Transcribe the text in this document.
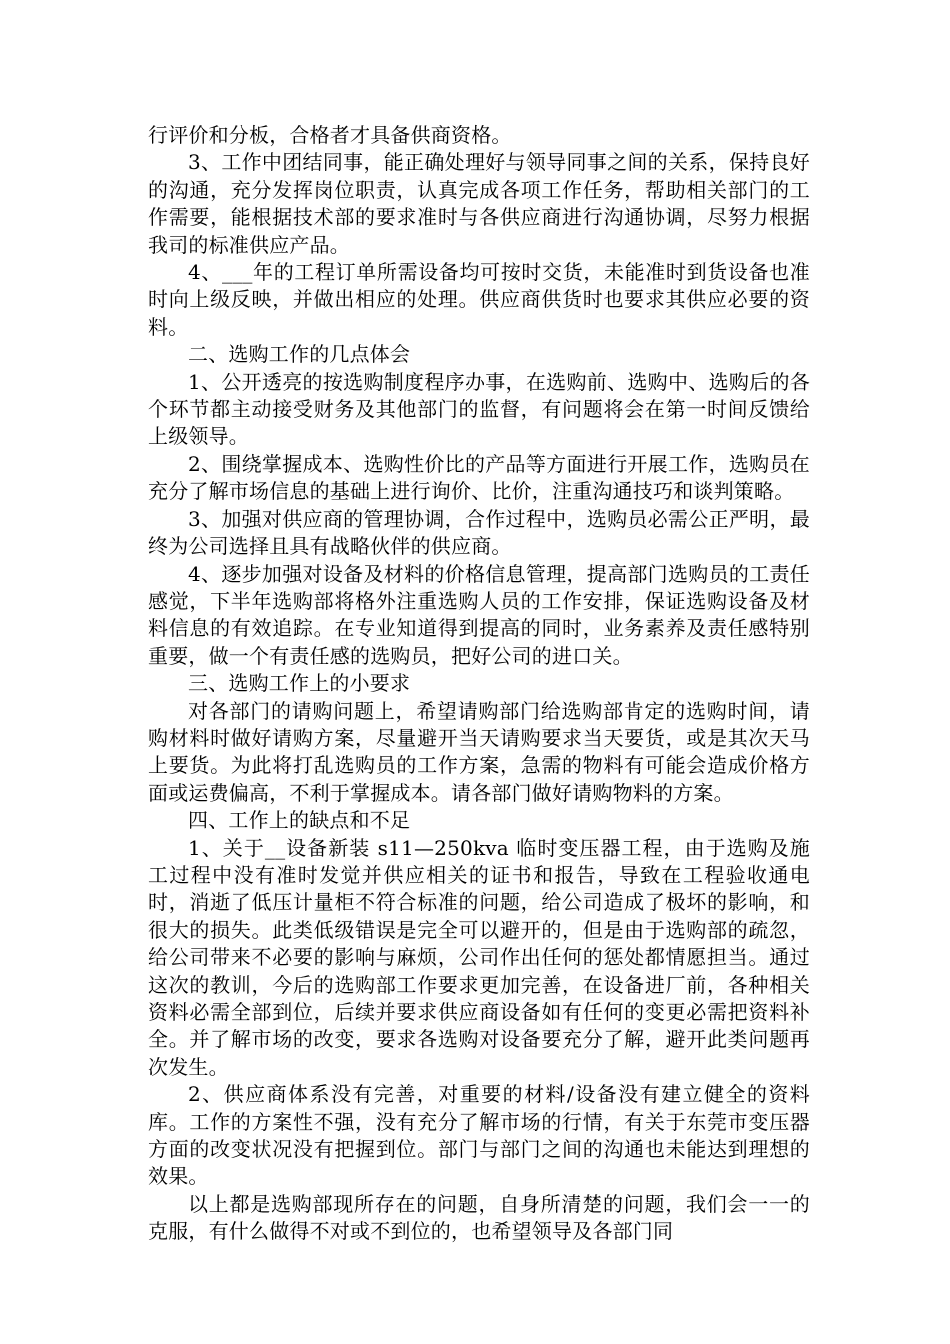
行评价和分板，合格者才具备供商资格。

3、工作中团结同事，能正确处理好与领导同事之间的关系，保持良好的沟通，充分发挥岗位职责，认真完成各项工作任务，帮助相关部门的工作需要，能根据技术部的要求准时与各供应商进行沟通协调，尽努力根据我司的标准供应产品。

4、___年的工程订单所需设备均可按时交货，未能准时到货设备也准时向上级反映，并做出相应的处理。供应商供货时也要求其供应必要的资料。

二、选购工作的几点体会

1、公开透亮的按选购制度程序办事，在选购前、选购中、选购后的各个环节都主动接受财务及其他部门的监督，有问题将会在第一时间反馈给上级领导。

2、围绕掌握成本、选购性价比的产品等方面进行开展工作，选购员在充分了解市场信息的基础上进行询价、比价，注重沟通技巧和谈判策略。

3、加强对供应商的管理协调，合作过程中，选购员必需公正严明，最终为公司选择且具有战略伙伴的供应商。

4、逐步加强对设备及材料的价格信息管理，提高部门选购员的工责任感觉，下半年选购部将格外注重选购人员的工作安排，保证选购设备及材料信息的有效追踪。在专业知道得到提高的同时，业务素养及责任感特别重要，做一个有责任感的选购员，把好公司的进口关。

三、选购工作上的小要求

对各部门的请购问题上，希望请购部门给选购部肯定的选购时间，请购材料时做好请购方案，尽量避开当天请购要求当天要货，或是其次天马上要货。为此将打乱选购员的工作方案，急需的物料有可能会造成价格方面或运费偏高，不利于掌握成本。请各部门做好请购物料的方案。

四、工作上的缺点和不足

1、关于__设备新装 s11—250kva 临时变压器工程，由于选购及施工过程中没有准时发觉并供应相关的证书和报告，导致在工程验收通电时，消逝了低压计量柜不符合标准的问题，给公司造成了极坏的影响，和很大的损失。此类低级错误是完全可以避开的，但是由于选购部的疏忽，给公司带来不必要的影响与麻烦，公司作出任何的惩处都情愿担当。通过这次的教训，今后的选购部工作要求更加完善，在设备进厂前，各种相关资料必需全部到位，后续并要求供应商设备如有任何的变更必需把资料补全。并了解市场的改变，要求各选购对设备要充分了解，避开此类问题再次发生。

2、供应商体系没有完善，对重要的材料/设备没有建立健全的资料库。工作的方案性不强，没有充分了解市场的行情，有关于东莞市变压器方面的改变状况没有把握到位。部门与部门之间的沟通也未能达到理想的效果。

以上都是选购部现所存在的问题，自身所清楚的问题，我们会一一的克服，有什么做得不对或不到位的，也希望领导及各部门同
